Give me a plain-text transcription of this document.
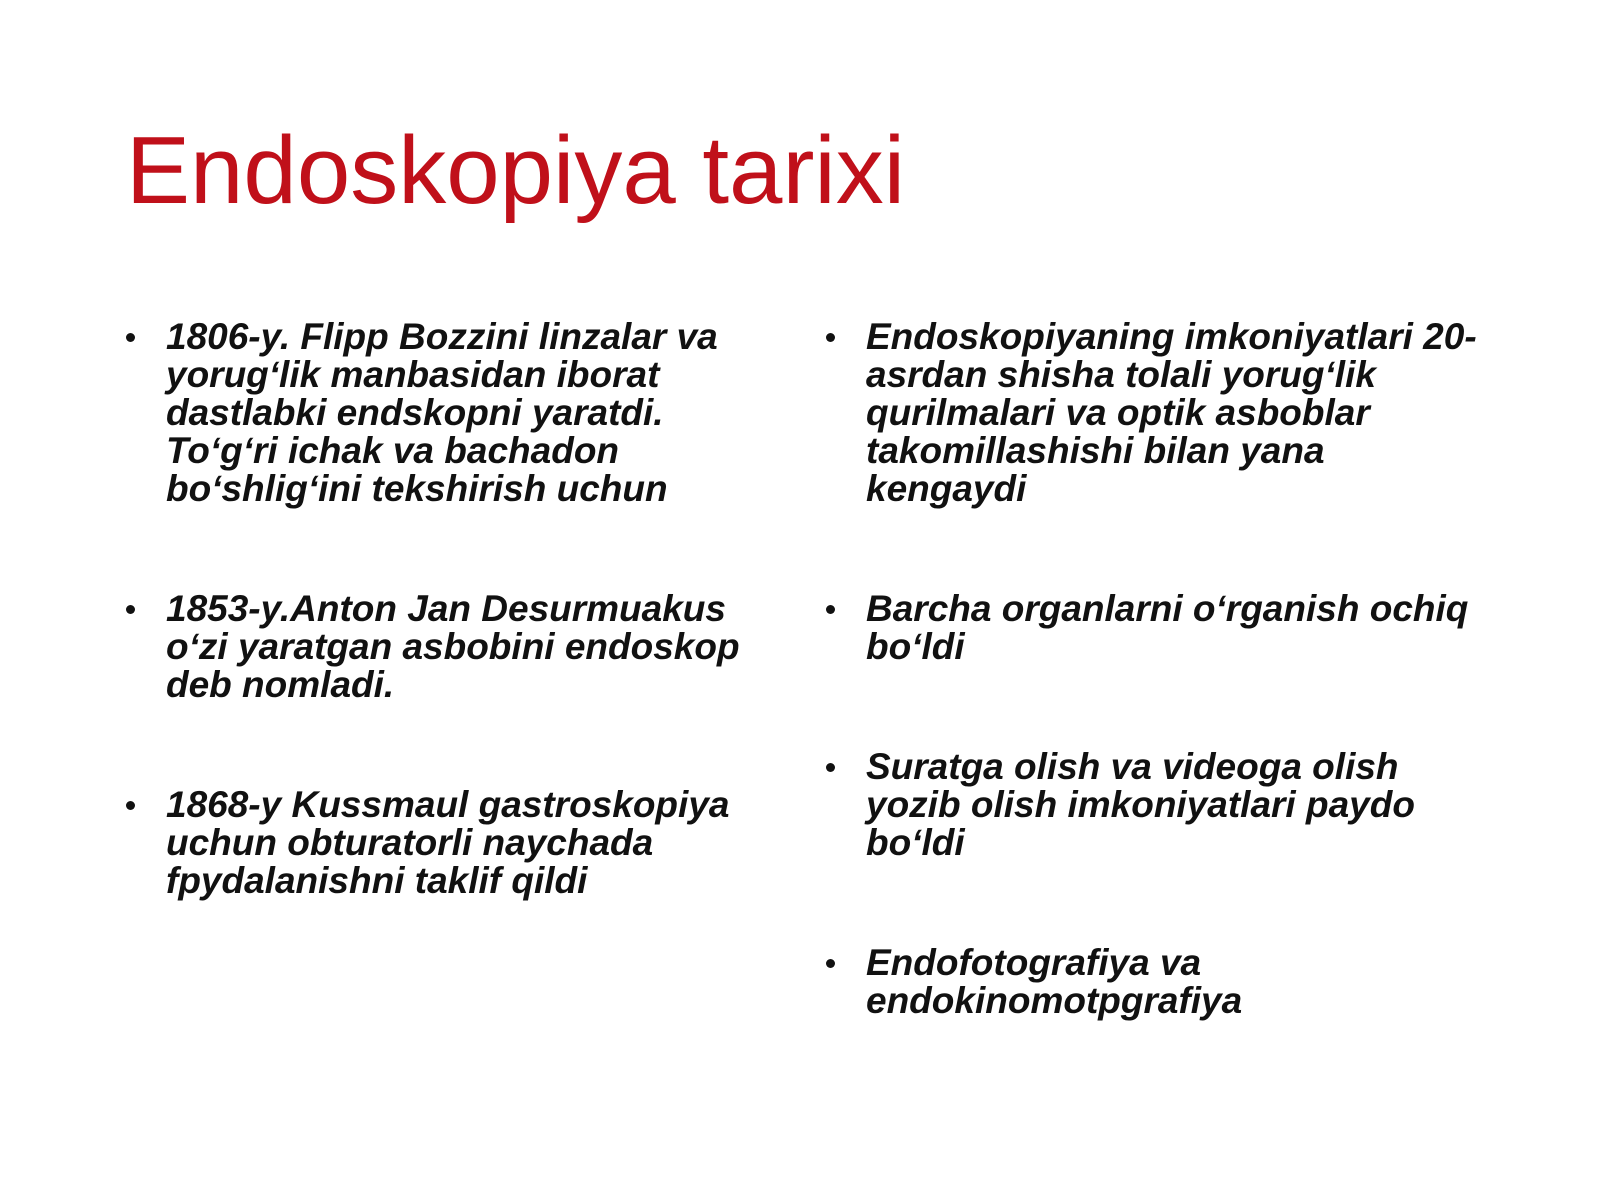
Endoskopiya tarixi
1806-y. Flipp Bozzini linzalar va yorug‘lik manbasidan iborat dastlabki endskopni yaratdi. To‘g‘ri ichak va bachadon bo‘shlig‘ini tekshirish uchun
1853-y.Anton Jan Desurmuakus o‘zi yaratgan asbobini endoskop deb nomladi.
1868-y Kussmaul gastroskopiya uchun obturatorli naychada fpydalanishni taklif qildi
Endoskopiyaning imkoniyatlari 20-asrdan shisha tolali yorug‘lik qurilmalari va optik asboblar takomillashishi bilan yana kengaydi
Barcha organlarni o‘rganish ochiq bo‘ldi
Suratga olish va videoga olish yozib olish imkoniyatlari paydo bo‘ldi
Endofotografiya va endokinomotpgrafiya
